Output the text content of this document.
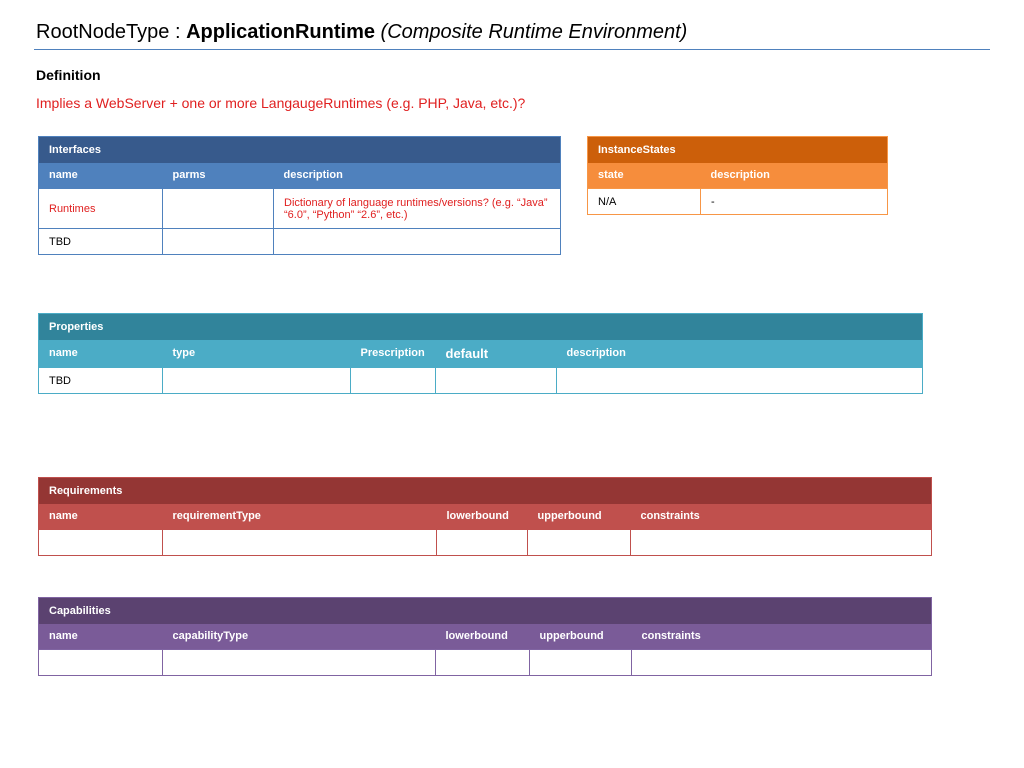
RootNodeType : ApplicationRuntime (Composite Runtime Environment)
Definition
Implies a WebServer + one or more LangaugeRuntimes (e.g. PHP, Java, etc.)?
Interfaces		
name	parms	description
Runtimes		Dictionary of language runtimes/versions? (e.g. “Java” “6.0”, “Python” “2.6”, etc.)
TBD		
InstanceStates	
state	description
N/A	-
Properties				
name	type	Prescription	default	description
TBD				
Requirements				
name	requirementType	lowerbound	upperbound	constraints

Capabilities				
name	capabilityType	lowerbound	upperbound	constraints
